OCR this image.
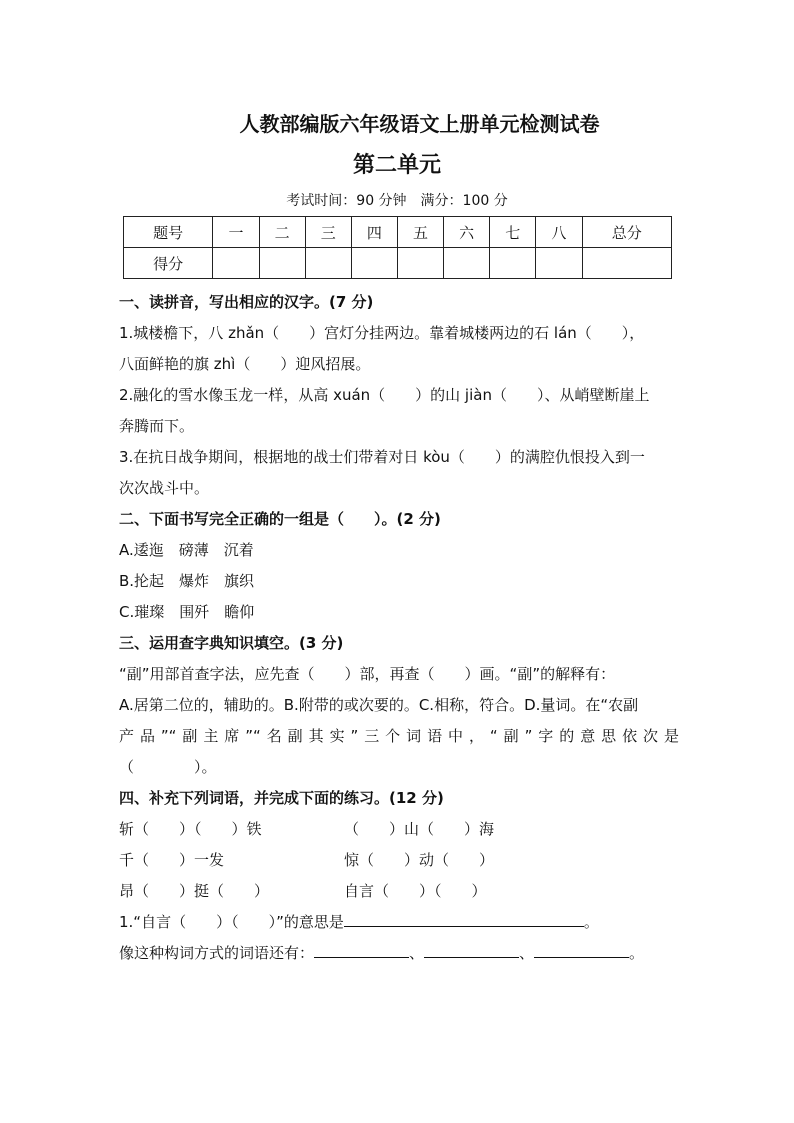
人教部编版六年级语文上册单元检测试卷
第二单元
考试时间：90 分钟　满分：100 分
题号	一	二	三	四	五	六	七	八	总分
得分									
一、读拼音，写出相应的汉字。(7 分)
1.城楼檐下，八 zhǎn（　　）宫灯分挂两边。靠着城楼两边的石 lán（　　），
八面鲜艳的旗 zhì（　　）迎风招展。
2.融化的雪水像玉龙一样，从高 xuán（　　）的山 jiàn（　　）、从峭壁断崖上
奔腾而下。
3.在抗日战争期间，根据地的战士们带着对日 kòu（　　）的满腔仇恨投入到一
次次战斗中。
二、下面书写完全正确的一组是（　　）。(2 分)
A.逶迤　磅薄　沉着
B.抡起　爆炸　旗织
C.璀璨　围歼　瞻仰
三、运用查字典知识填空。(3 分)
“副”用部首查字法，应先查（　　）部，再查（　　）画。“副”的解释有：
A.居第二位的，辅助的。B.附带的或次要的。C.相称，符合。D.量词。在“农副
产品”“副主席”“名副其实”三个词语中，“副”字的意思依次是
（　　　　）。
四、补充下列词语，并完成下面的练习。(12 分)
斩（　　）（　　）铁	（　　）山（　　）海
千（　　）一发	惊（　　）动（　　）
昂（　　）挺（　　）	自言（　　）（　　）
1.“自言（　　）（　　）”的意思是	。
像这种构词方式的词语还有：	、	、	。
